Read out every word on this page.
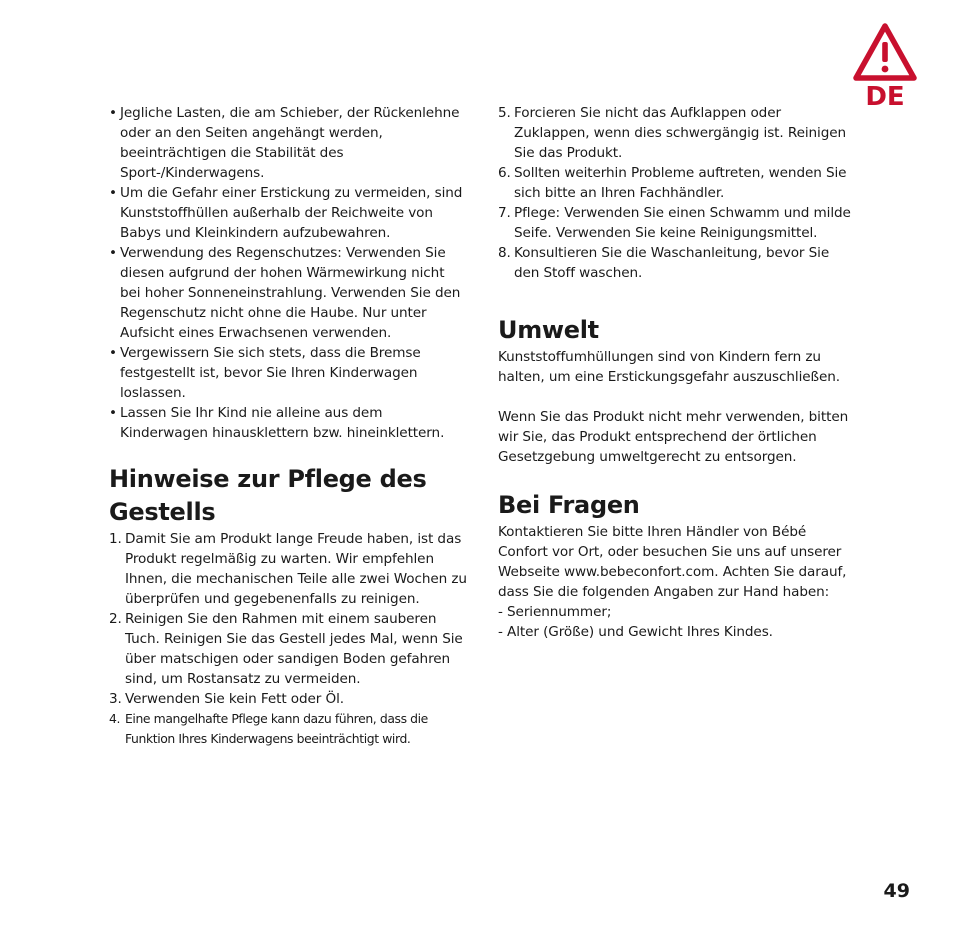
DE
• Jegliche Lasten, die am Schieber, der Rückenlehne oder an den Seiten angehängt werden, beeinträchtigen die Stabilität des Sport-/Kinderwagens.
• Um die Gefahr einer Erstickung zu vermeiden, sind Kunststoffhüllen außerhalb der Reichweite von Babys und Kleinkindern aufzubewahren.
• Verwendung des Regenschutzes: Verwenden Sie diesen aufgrund der hohen Wärmewirkung nicht bei hoher Sonneneinstrahlung. Verwenden Sie den Regenschutz nicht ohne die Haube. Nur unter Aufsicht eines Erwachsenen verwenden.
• Vergewissern Sie sich stets, dass die Bremse festgestellt ist, bevor Sie Ihren Kinderwagen loslassen.
• Lassen Sie Ihr Kind nie alleine aus dem Kinderwagen hinausklettern bzw. hineinklettern.
Hinweise zur Pflege des Gestells
1. Damit Sie am Produkt lange Freude haben, ist das Produkt regelmäßig zu warten. Wir empfehlen Ihnen, die mechanischen Teile alle zwei Wochen zu überprüfen und gegebenenfalls zu reinigen.
2. Reinigen Sie den Rahmen mit einem sauberen Tuch. Reinigen Sie das Gestell jedes Mal, wenn Sie über matschigen oder sandigen Boden gefahren sind, um Rostansatz zu vermeiden.
3. Verwenden Sie kein Fett oder Öl.
4. Eine mangelhafte Pflege kann dazu führen, dass die Funktion Ihres Kinderwagens beeinträchtigt wird.
5. Forcieren Sie nicht das Aufklappen oder Zuklappen, wenn dies schwergängig ist. Reinigen Sie das Produkt.
6. Sollten weiterhin Probleme auftreten, wenden Sie sich bitte an Ihren Fachhändler.
7. Pflege: Verwenden Sie einen Schwamm und milde Seife. Verwenden Sie keine Reinigungsmittel.
8. Konsultieren Sie die Waschanleitung, bevor Sie den Stoff waschen.
Umwelt

Kunststoffumhüllungen sind von Kindern fern zu halten, um eine Erstickungsgefahr auszuschließen.

Wenn Sie das Produkt nicht mehr verwenden, bitten wir Sie, das Produkt entsprechend der örtlichen Gesetzgebung umweltgerecht zu entsorgen.

Bei Fragen

Kontaktieren Sie bitte Ihren Händler von Bébé Confort vor Ort, oder besuchen Sie uns auf unserer Webseite www.bebeconfort.com. Achten Sie darauf, dass Sie die folgenden Angaben zur Hand haben:

- Seriennummer;

- Alter (Größe) und Gewicht Ihres Kindes.

49
